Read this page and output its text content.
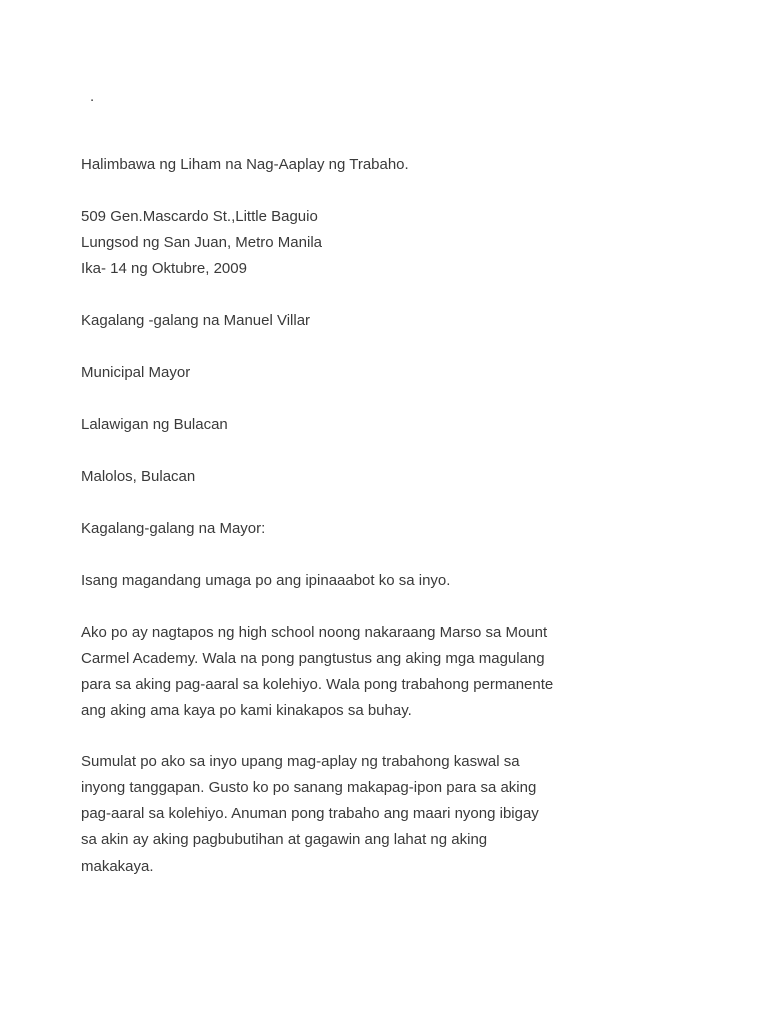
.

Halimbawa ng Liham na Nag-Aaplay ng Trabaho.

509 Gen.Mascardo St.,Little Baguio

Lungsod ng San Juan, Metro Manila

Ika- 14 ng Oktubre, 2009

Kagalang -galang na Manuel Villar

Municipal Mayor

Lalawigan ng Bulacan

Malolos, Bulacan

Kagalang-galang na Mayor:

Isang magandang umaga po ang ipinaaabot ko sa inyo.

Ako po ay nagtapos ng high school noong nakaraang Marso sa Mount

Carmel Academy. Wala na pong pangtustus ang aking mga magulang

para sa aking pag-aaral sa kolehiyo. Wala pong trabahong permanente

ang aking ama kaya po kami kinakapos sa buhay.

Sumulat po ako sa inyo upang mag-aplay ng trabahong kaswal sa

inyong tanggapan. Gusto ko po sanang makapag-ipon para sa aking

pag-aaral sa kolehiyo. Anuman pong trabaho ang maari nyong ibigay

sa akin ay aking pagbubutihan at gagawin ang lahat ng aking

makakaya.
